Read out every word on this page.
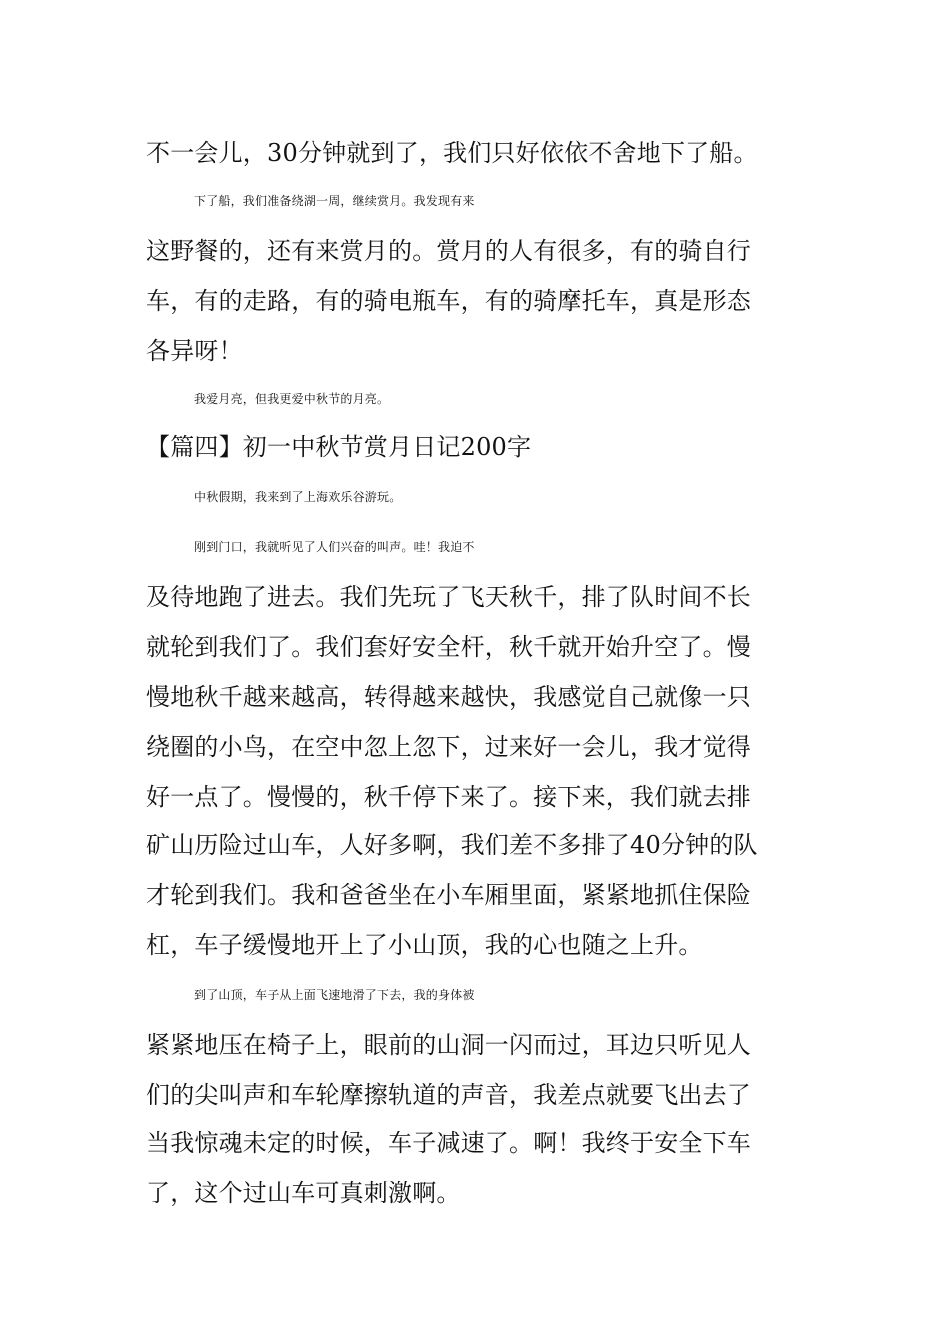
不一会儿，30分钟就到了，我们只好依依不舍地下了船。
下了船，我们准备绕湖一周，继续赏月。我发现有来
这野餐的，还有来赏月的。赏月的人有很多，有的骑自行
车，有的走路，有的骑电瓶车，有的骑摩托车，真是形态
各异呀！
我爱月亮，但我更爱中秋节的月亮。
【篇四】初一中秋节赏月日记200字
中秋假期，我来到了上海欢乐谷游玩。
刚到门口，我就听见了人们兴奋的叫声。哇！我迫不
及待地跑了进去。我们先玩了飞天秋千，排了队时间不长
就轮到我们了。我们套好安全杆，秋千就开始升空了。慢
慢地秋千越来越高，转得越来越快，我感觉自己就像一只
绕圈的小鸟，在空中忽上忽下，过来好一会儿，我才觉得
好一点了。慢慢的，秋千停下来了。接下来，我们就去排
矿山历险过山车，人好多啊，我们差不多排了40分钟的队
才轮到我们。我和爸爸坐在小车厢里面，紧紧地抓住保险
杠，车子缓慢地开上了小山顶，我的心也随之上升。
到了山顶，车子从上面飞速地滑了下去，我的身体被
紧紧地压在椅子上，眼前的山洞一闪而过，耳边只听见人
们的尖叫声和车轮摩擦轨道的声音，我差点就要飞出去了
当我惊魂未定的时候，车子减速了。啊！我终于安全下车
了，这个过山车可真刺激啊。
